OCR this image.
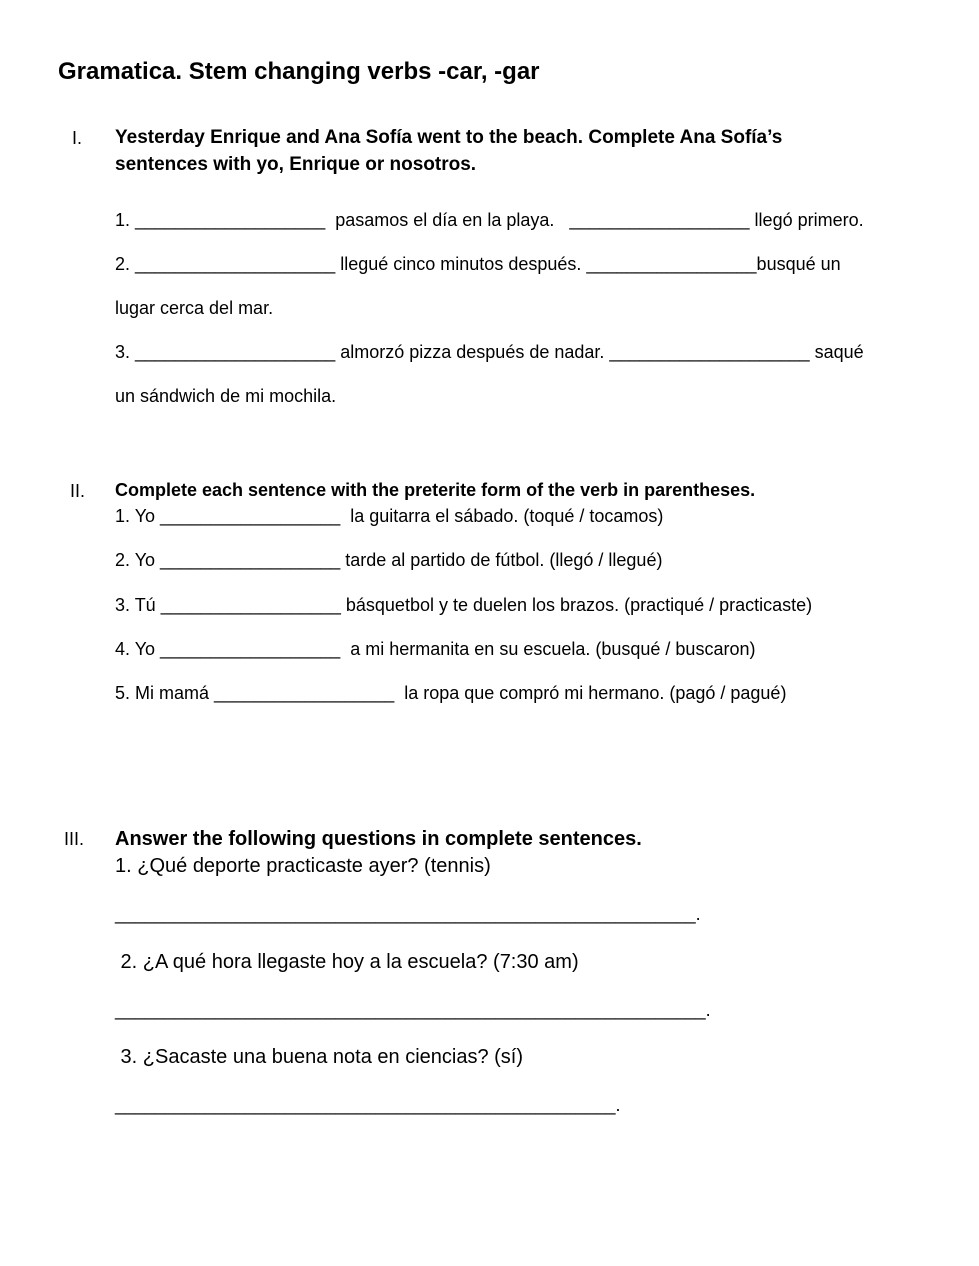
Gramatica. Stem changing verbs -car, -gar
I. Yesterday Enrique and Ana Sofía went to the beach. Complete Ana Sofía’s
sentences with yo, Enrique or nosotros.
1. ___________________  pasamos el día en la playa.   __________________ llegó primero.
2. ____________________ llegué cinco minutos después. _________________busqué un
lugar cerca del mar.
3. ____________________ almorzó pizza después de nadar. ____________________ saqué
un sándwich de mi mochila.
II. Complete each sentence with the preterite form of the verb in parentheses.
1. Yo __________________  la guitarra el sábado. (toqué / tocamos)
2. Yo __________________ tarde al partido de fútbol. (llegó / llegué)
3. Tú __________________ básquetbol y te duelen los brazos. (practiqué / practicaste)
4. Yo __________________  a mi hermanita en su escuela. (busqué / buscaron)
5. Mi mamá __________________  la ropa que compró mi hermano. (pagó / pagué)
III. Answer the following questions in complete sentences.
1. ¿Qué deporte practicaste ayer? (tennis)
__________________________________________________________.
2. ¿A qué hora llegaste hoy a la escuela? (7:30 am)
___________________________________________________________.
3. ¿Sacaste una buena nota en ciencias? (sí)
__________________________________________________.
